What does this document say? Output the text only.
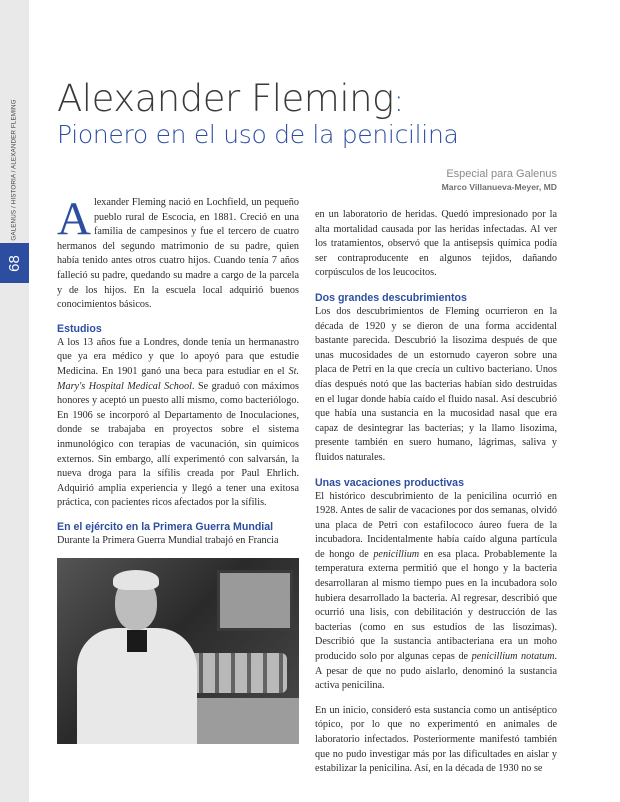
68
GALENUS / HISTORIA / ALEXANDER FLEMING
Alexander Fleming:
Pionero en el uso de la penicilina
Especial para Galenus
Marco Villanueva-Meyer, MD

Alexander Fleming nació en Lochfield, un pequeño pueblo rural de Escocia, en 1881. Creció en una familia de campesinos y fue el tercero de cuatro hermanos del segundo matrimonio de su padre, quien había tenido antes otros cuatro hijos. Cuando tenía 7 años falleció su padre, quedando su madre a cargo de la parcela y de los hijos. En la escuela local adquirió buenos conocimientos básicos.

Estudios

A los 13 años fue a Londres, donde tenía un hermanastro que ya era médico y que lo apoyó para que estudie Medicina. En 1901 ganó una beca para estudiar en el St. Mary's Hospital Medical School. Se graduó con máximos honores y aceptó un puesto allí mismo, como bacteriólogo. En 1906 se incorporó al Departamento de Inoculaciones, donde se trabajaba en proyectos sobre el sistema inmunológico con terapias de vacunación, sin químicos externos. Sin embargo, allí experimentó con salvarsán, la nueva droga para la sífilis creada por Paul Ehrlich. Adquirió amplia experiencia y llegó a tener una exitosa práctica, con pacientes ricos afectados por la sífilis.

En el ejército en la Primera Guerra Mundial

Durante la Primera Guerra Mundial trabajó en Francia

en un laboratorio de heridas. Quedó impresionado por la alta mortalidad causada por las heridas infectadas. Al ver los tratamientos, observó que la antisepsis química podía ser contraproducente en algunos tejidos, dañando corpúsculos de los leucocitos.

Dos grandes descubrimientos

Los dos descubrimientos de Fleming ocurrieron en la década de 1920 y se dieron de una forma accidental bastante parecida. Descubrió la lisozima después de que unas mucosidades de un estornudo cayeron sobre una placa de Petri en la que crecía un cultivo bacteriano. Unos días después notó que las bacterias habían sido destruidas en el lugar donde había caído el fluido nasal. Así descubrió que había una sustancia en la mucosidad nasal que era capaz de desintegrar las bacterias; y la llamo lisozima, presente también en suero humano, lágrimas, saliva y fluidos naturales.

Unas vacaciones productivas

El histórico descubrimiento de la penicilina ocurrió en 1928. Antes de salir de vacaciones por dos semanas, olvidó una placa de Petri con estafilococo áureo fuera de la incubadora. Incidentalmente había caído alguna partícula de hongo de penicillium en esa placa. Probablemente la temperatura externa permitió que el hongo y la bacteria desarrollaran al mismo tiempo pues en la incubadora solo hubiera desarrollado la bacteria. Al regresar, describió que ocurrió una lisis, con debilitación y destrucción de las bacterias (como en sus estudios de las lisozimas). Describió que la sustancia antibacteriana era un moho producido solo por algunas cepas de penicillium notatum. A pesar de que no pudo aislarlo, denominó la sustancia activa penicilina.

En un inicio, consideró esta sustancia como un antiséptico tópico, por lo que no experimentó en animales de laboratorio infectados. Posteriormente manifestó también que no pudo investigar más por las dificultades en aislar y estabilizar la penicilina. Así, en la década de 1930 no se
